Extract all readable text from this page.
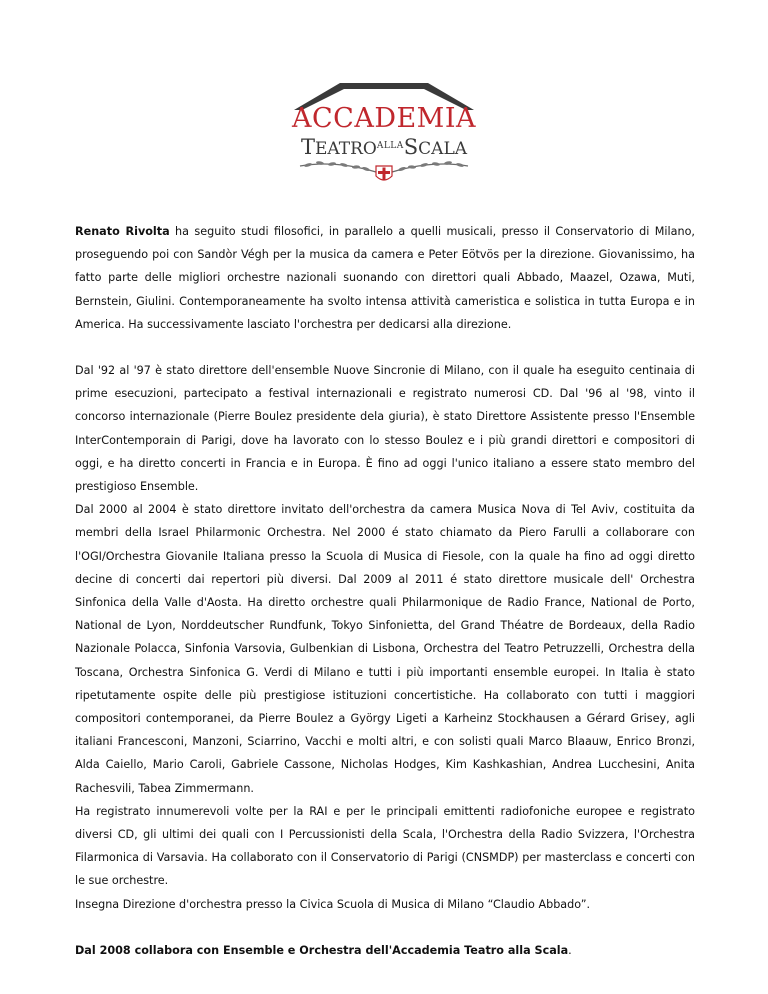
ACCADEMIA
$TEATRO^{ALLA}SCALA$

Renato Rivolta ha seguito studi filosofici, in parallelo a quelli musicali, presso il Conservatorio di Milano, proseguendo poi con Sandòr Végh per la musica da camera e Peter Eötvös per la direzione. Giovanissimo, ha fatto parte delle migliori orchestre nazionali suonando con direttori quali Abbado, Maazel, Ozawa, Muti, Bernstein, Giulini. Contemporaneamente ha svolto intensa attività cameristica e solistica in tutta Europa e in America. Ha successivamente lasciato l'orchestra per dedicarsi alla direzione.

Dal '92 al '97 è stato direttore dell'ensemble Nuove Sincronie di Milano, con il quale ha eseguito centinaia di prime esecuzioni, partecipato a festival internazionali e registrato numerosi CD. Dal '96 al '98, vinto il concorso internazionale (Pierre Boulez presidente dela giuria), è stato Direttore Assistente presso l'Ensemble InterContemporain di Parigi, dove ha lavorato con lo stesso Boulez e i più grandi direttori e compositori di oggi, e ha diretto concerti in Francia e in Europa. È fino ad oggi l'unico italiano a essere stato membro del prestigioso Ensemble.

Dal 2000 al 2004 è stato direttore invitato dell'orchestra da camera Musica Nova di Tel Aviv, costituita da membri della Israel Philarmonic Orchestra. Nel 2000 é stato chiamato da Piero Farulli a collaborare con l'OGI/Orchestra Giovanile Italiana presso la Scuola di Musica di Fiesole, con la quale ha fino ad oggi diretto decine di concerti dai repertori più diversi. Dal 2009 al 2011 é stato direttore musicale dell' Orchestra Sinfonica della Valle d'Aosta. Ha diretto orchestre quali Philarmonique de Radio France, National de Porto, National de Lyon, Norddeutscher Rundfunk, Tokyo Sinfonietta, del Grand Théatre de Bordeaux, della Radio Nazionale Polacca, Sinfonia Varsovia, Gulbenkian di Lisbona, Orchestra del Teatro Petruzzelli, Orchestra della Toscana, Orchestra Sinfonica G. Verdi di Milano e tutti i più importanti ensemble europei. In Italia è stato ripetutamente ospite delle più prestigiose istituzioni concertistiche. Ha collaborato con tutti i maggiori compositori contemporanei, da Pierre Boulez a György Ligeti a Karheinz Stockhausen a Gérard Grisey, agli italiani Francesconi, Manzoni, Sciarrino, Vacchi e molti altri, e con solisti quali Marco Blaauw, Enrico Bronzi, Alda Caiello, Mario Caroli, Gabriele Cassone, Nicholas Hodges, Kim Kashkashian, Andrea Lucchesini, Anita Rachesvili, Tabea Zimmermann.

Ha registrato innumerevoli volte per la RAI e per le principali emittenti radiofoniche europee e registrato diversi CD, gli ultimi dei quali con I Percussionisti della Scala, l'Orchestra della Radio Svizzera, l'Orchestra Filarmonica di Varsavia. Ha collaborato con il Conservatorio di Parigi (CNSMDP) per masterclass e concerti con le sue orchestre.

Insegna Direzione d'orchestra presso la Civica Scuola di Musica di Milano “Claudio Abbado”.

Dal 2008 collabora con Ensemble e Orchestra dell'Accademia Teatro alla Scala.
